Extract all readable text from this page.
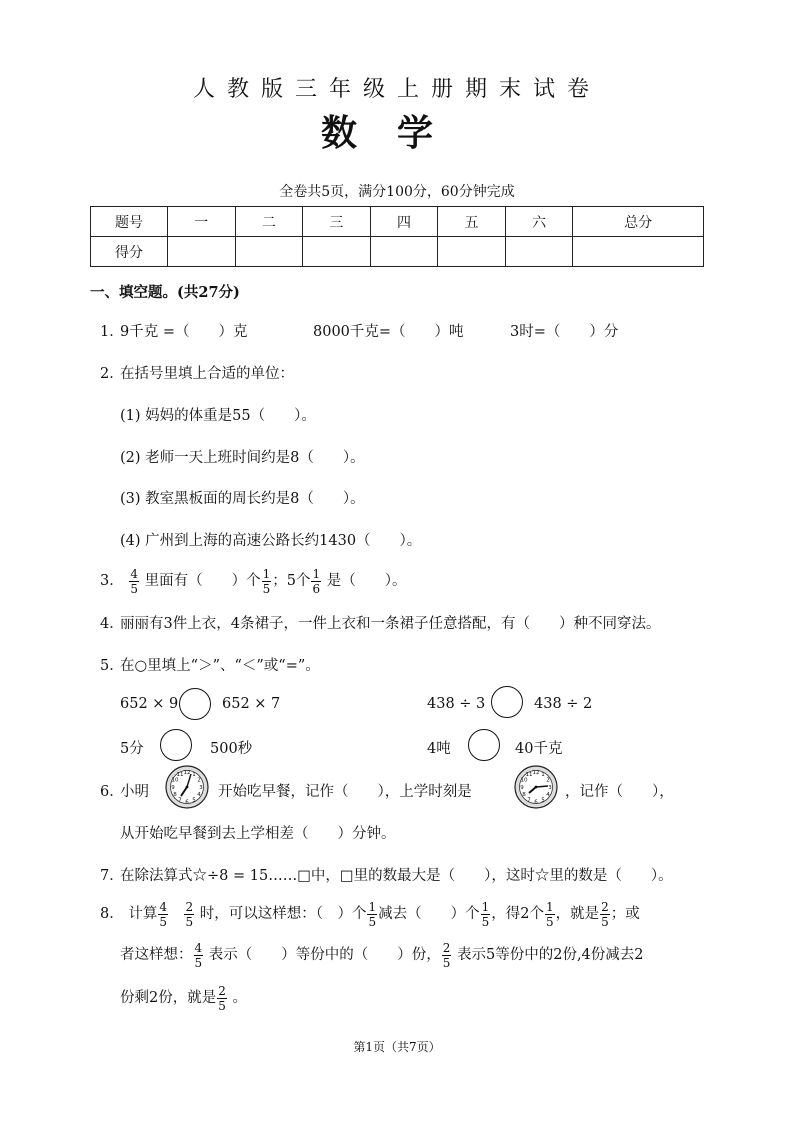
人教版三年级上册期末试卷
数学
全卷共5页，满分100分，60分钟完成
题号	一	二	三	四	五	六	总分
得分							
一、填空题。(共27分)
1．
9千克 =（　　）克	8000千克=（　　）吨	3时=（　　）分
2．
在括号里填上合适的单位：
(1) 妈妈的体重是55（　　）。
(2) 老师一天上班时间约是8（　　）。
(3) 教室黑板面的周长约是8（　　）。
(4) 广州到上海的高速公路长约1430（　　）。
3． $\frac{4}{5}$ 里面有（　　）个 $\frac{1}{5}$ ；5个 $\frac{1}{6}$ 是（　　）。
4．
丽丽有3件上衣，4条裙子，一件上衣和一条裙子任意搭配，有（　　）种不同穿法。
5．
在○里填上“＞”、“＜”或“=”。
652 × 9	652 × 7	438 ÷ 3	438 ÷ 2
5分	500秒	4吨	40千克
6．
小明
12 1
2
3
4
5
6
7
8
9
10
11
开始吃早餐，记作（　　），上学时刻是
12 1
2
3
4
5
6
7
8
9
10
11
，记作（　　），
从开始吃早餐到去上学相差（　　）分钟。
7．
在除法算式☆÷8 = 15……□中，□里的数最大是（　　），这时☆里的数是（　　）。
8． 计算 $\frac{4}{5}$
　 $\frac{2}{5}$ 时，可以这样想：（　）个 $\frac{1}{5}$ 减去（　　）个 $\frac{1}{5}$ ，得2个 $\frac{1}{5}$ ，就是 $\frac{2}{5}$ ；或
者这样想： $\frac{4}{5}$ 表示（　　）等份中的（　　）份， $\frac{2}{5}$ 表示5等份中的2份,4份减去2
份剩2份，就是 $\frac{2}{5}$ 。
第1页（共7页）
